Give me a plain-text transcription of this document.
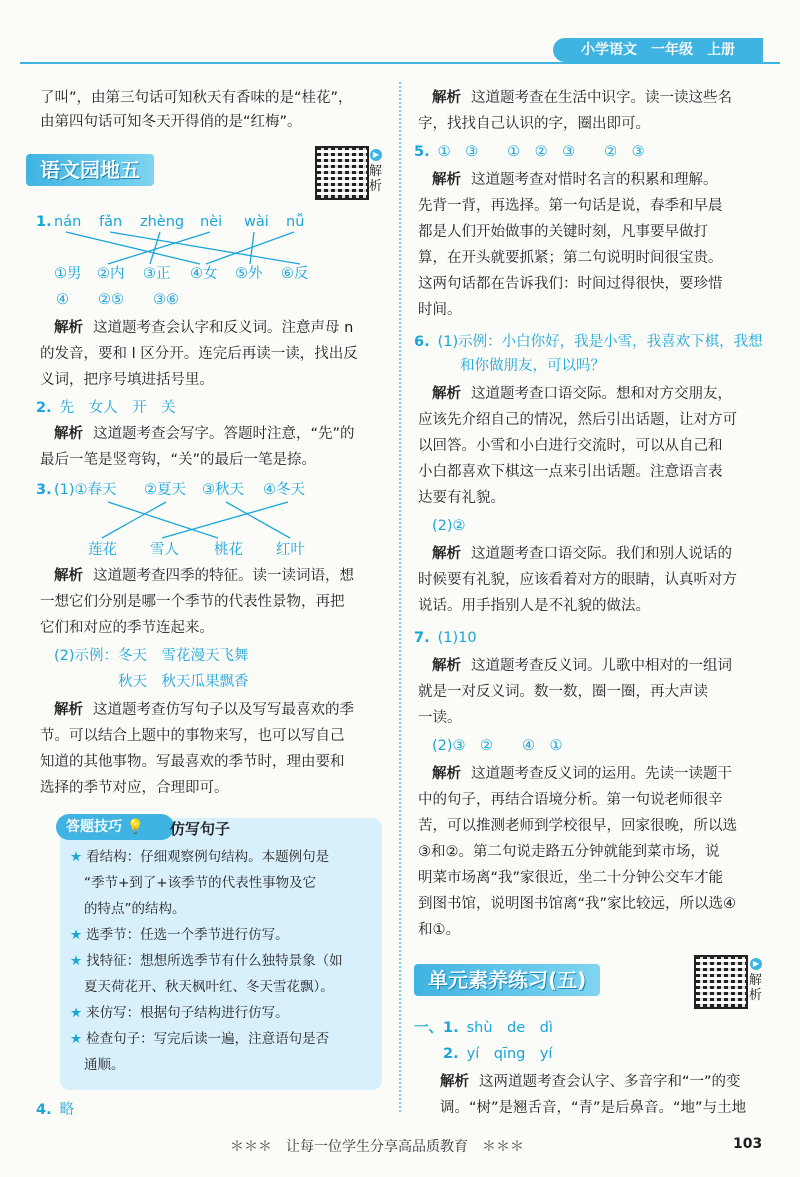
小学语文　一年级　上册
了叫”，由第三句话可知秋天有香味的是“桂花”，
由第四句话可知冬天开得俏的是“红梅”。
语文园地五
▶
解析
1. nán fǎn zhèng nèi wài nǚ
①男 ②内 ③正 ④女 ⑤外 ⑥反
④　　②⑤　　③⑥
解析 这道题考查会认字和反义词。注意声母 n
的发音，要和 l 区分开。连完后再读一读，找出反
义词，把序号填进括号里。
2. 先　女人　开　关
解析 这道题考查会写字。答题时注意，“先”的
最后一笔是竖弯钩，“关”的最后一笔是捺。
3. (1)①春天 ②夏天 ③秋天 ④冬天
莲花 雪人 桃花 红叶
解析 这道题考查四季的特征。读一读词语，想
一想它们分别是哪一个季节的代表性景物，再把
它们和对应的季节连起来。
(2)示例：冬天　雪花漫天飞舞
秋天　秋天瓜果飘香
解析 这道题考查仿写句子以及写写最喜欢的季
节。可以结合上题中的事物来写，也可以写自己
知道的其他事物。写最喜欢的季节时，理由要和
选择的季节对应，合理即可。
答题技巧 💡	仿写句子
★ 看结构：仔细观察例句结构。本题例句是
“季节+到了+该季节的代表性事物及它
的特点”的结构。
★ 选季节：任选一个季节进行仿写。
★ 找特征：想想所选季节有什么独特景象（如
夏天荷花开、秋天枫叶红、冬天雪花飘）。
★ 来仿写：根据句子结构进行仿写。
★ 检查句子：写完后读一遍，注意语句是否
通顺。
4. 略
解析 这道题考查在生活中识字。读一读这些名
字，找找自己认识的字，圈出即可。
5. ①　③　　①　②　③　　②　③
解析 这道题考查对惜时名言的积累和理解。
先背一背，再选择。第一句话是说，春季和早晨
都是人们开始做事的关键时刻，凡事要早做打
算，在开头就要抓紧；第二句说明时间很宝贵。
这两句话都在告诉我们：时间过得很快，要珍惜
时间。
6. (1)示例：小白你好，我是小雪，我喜欢下棋，我想
和你做朋友，可以吗？
解析 这道题考查口语交际。想和对方交朋友，
应该先介绍自己的情况，然后引出话题，让对方可
以回答。小雪和小白进行交流时，可以从自己和
小白都喜欢下棋这一点来引出话题。注意语言表
达要有礼貌。
(2)②
解析 这道题考查口语交际。我们和别人说话的
时候要有礼貌，应该看着对方的眼睛，认真听对方
说话。用手指别人是不礼貌的做法。
7. (1)10
解析 这道题考查反义词。儿歌中相对的一组词
就是一对反义词。数一数，圈一圈，再大声读
一读。
(2)③　②　　④　①
解析 这道题考查反义词的运用。先读一读题干
中的句子，再结合语境分析。第一句说老师很辛
苦，可以推测老师到学校很早，回家很晚，所以选
③和②。第二句说走路五分钟就能到菜市场，说
明菜市场离“我”家很近，坐二十分钟公交车才能
到图书馆，说明图书馆离“我”家比较远，所以选④
和①。
单元素养练习(五)
▶
解析
一、1. shù　de　dì
2. yí　qīng　yí
解析 这两道题考查会认字、多音字和“一”的变
调。“树”是翘舌音，“青”是后鼻音。“地”与土地
＊＊＊　让每一位学生分享高品质教育　＊＊＊	103
